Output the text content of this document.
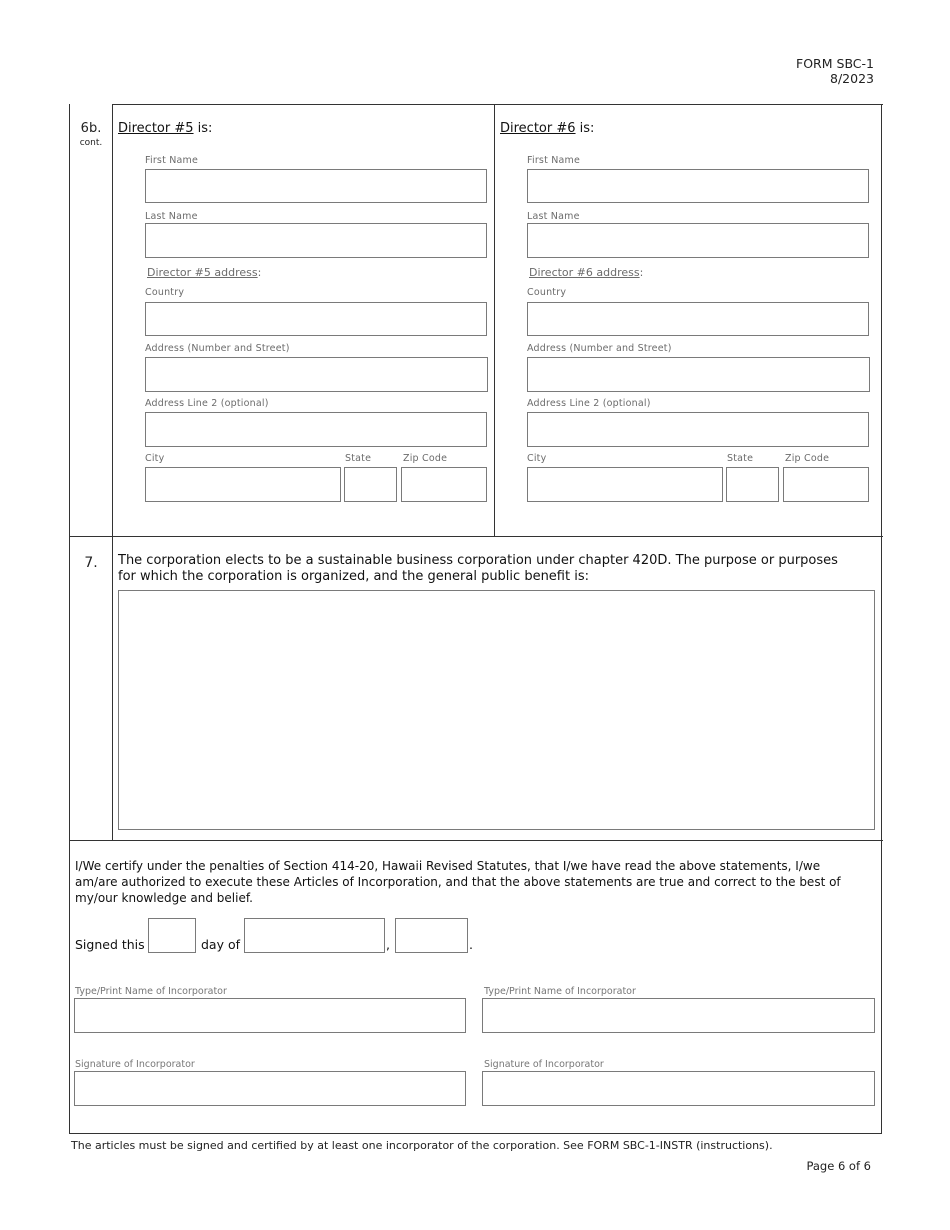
FORM SBC-1
8/2023
6b.
cont.
Director #5 is:
First Name
Last Name
Director #5 address:
Country
Address (Number and Street)
Address Line 2 (optional)
City	State	Zip Code
Director #6 is:
First Name
Last Name
Director #6 address:
Country
Address (Number and Street)
Address Line 2 (optional)
City	State	Zip Code
7.	The corporation elects to be a sustainable business corporation under chapter 420D. The purpose or purposes
for which the corporation is organized, and the general public benefit is:
I/We certify under the penalties of Section 414-20, Hawaii Revised Statutes, that I/we have read the above statements, I/we
am/are authorized to execute these Articles of Incorporation, and that the above statements are true and correct to the best of
my/our knowledge and belief.
Signed this	day of	,	.
Type/Print Name of Incorporator	Type/Print Name of Incorporator
Signature of Incorporator	Signature of Incorporator
The articles must be signed and certified by at least one incorporator of the corporation. See FORM SBC-1-INSTR (instructions).
Page 6 of 6
